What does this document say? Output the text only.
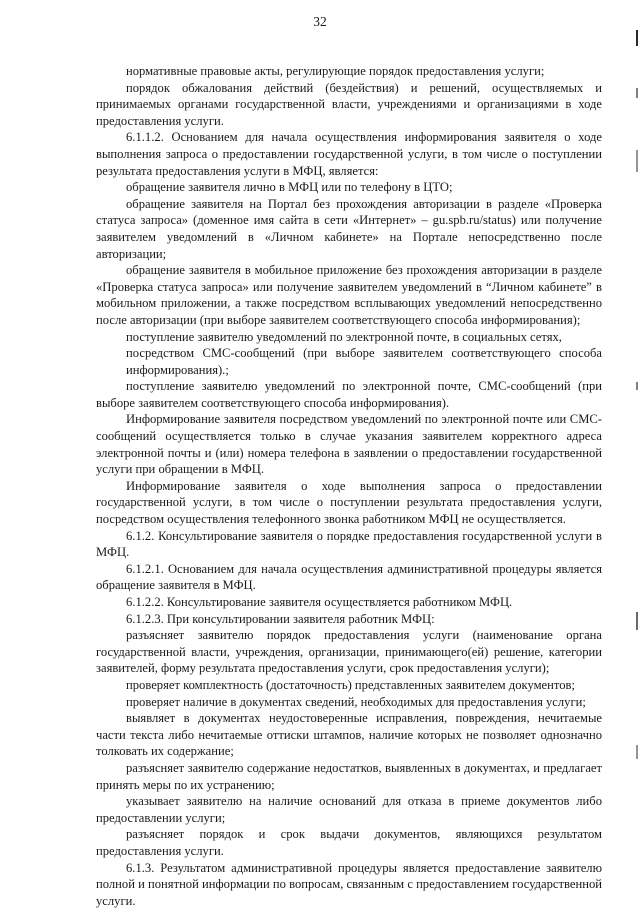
32

нормативные правовые акты, регулирующие порядок предоставления услуги;

порядок обжалования действий (бездействия) и решений, осуществляемых и принимаемых органами государственной власти, учреждениями и организациями в ходе предоставления услуги.

6.1.1.2. Основанием для начала осуществления информирования заявителя о ходе выполнения запроса о предоставлении государственной услуги, в том числе о поступлении результата предоставления услуги в МФЦ, является:

обращение заявителя лично в МФЦ или по телефону в ЦТО;

обращение заявителя на Портал без прохождения авторизации в разделе «Проверка статуса запроса» (доменное имя сайта в сети «Интернет» – gu.spb.ru/status) или получение заявителем уведомлений в «Личном кабинете» на Портале непосредственно после авторизации;

обращение заявителя в мобильное приложение без прохождения авторизации в разделе «Проверка статуса запроса» или получение заявителем уведомлений в “Личном кабинете” в мобильном приложении, а также посредством всплывающих уведомлений непосредственно после авторизации (при выборе заявителем соответствующего способа информирования);

поступление заявителю уведомлений по электронной почте, в социальных сетях,

посредством СМС-сообщений (при выборе заявителем соответствующего способа информирования).;

поступление заявителю уведомлений по электронной почте, СМС-сообщений (при выборе заявителем соответствующего способа информирования).

Информирование заявителя посредством уведомлений по электронной почте или СМС-сообщений осуществляется только в случае указания заявителем корректного адреса электронной почты и (или) номера телефона в заявлении о предоставлении государственной услуги при обращении в МФЦ.

Информирование заявителя о ходе выполнения запроса о предоставлении государственной услуги, в том числе о поступлении результата предоставления услуги, посредством осуществления телефонного звонка работником МФЦ не осуществляется.

6.1.2. Консультирование заявителя о порядке предоставления государственной услуги в МФЦ.

6.1.2.1. Основанием для начала осуществления административной процедуры является обращение заявителя в МФЦ.

6.1.2.2. Консультирование заявителя осуществляется работником МФЦ.

6.1.2.3. При консультировании заявителя работник МФЦ:

разъясняет заявителю порядок предоставления услуги (наименование органа государственной власти, учреждения, организации, принимающего(ей) решение, категории заявителей, форму результата предоставления услуги, срок предоставления услуги);

проверяет комплектность (достаточность) представленных заявителем документов;

проверяет наличие в документах сведений, необходимых для предоставления услуги;

выявляет в документах неудостоверенные исправления, повреждения, нечитаемые части текста либо нечитаемые оттиски штампов, наличие которых не позволяет однозначно толковать их содержание;

разъясняет заявителю содержание недостатков, выявленных в документах, и предлагает принять меры по их устранению;

указывает заявителю на наличие оснований для отказа в приеме документов либо предоставлении услуги;

разъясняет порядок и срок выдачи документов, являющихся результатом предоставления услуги.

6.1.3. Результатом административной процедуры является предоставление заявителю полной и понятной информации по вопросам, связанным с предоставлением государственной услуги.
